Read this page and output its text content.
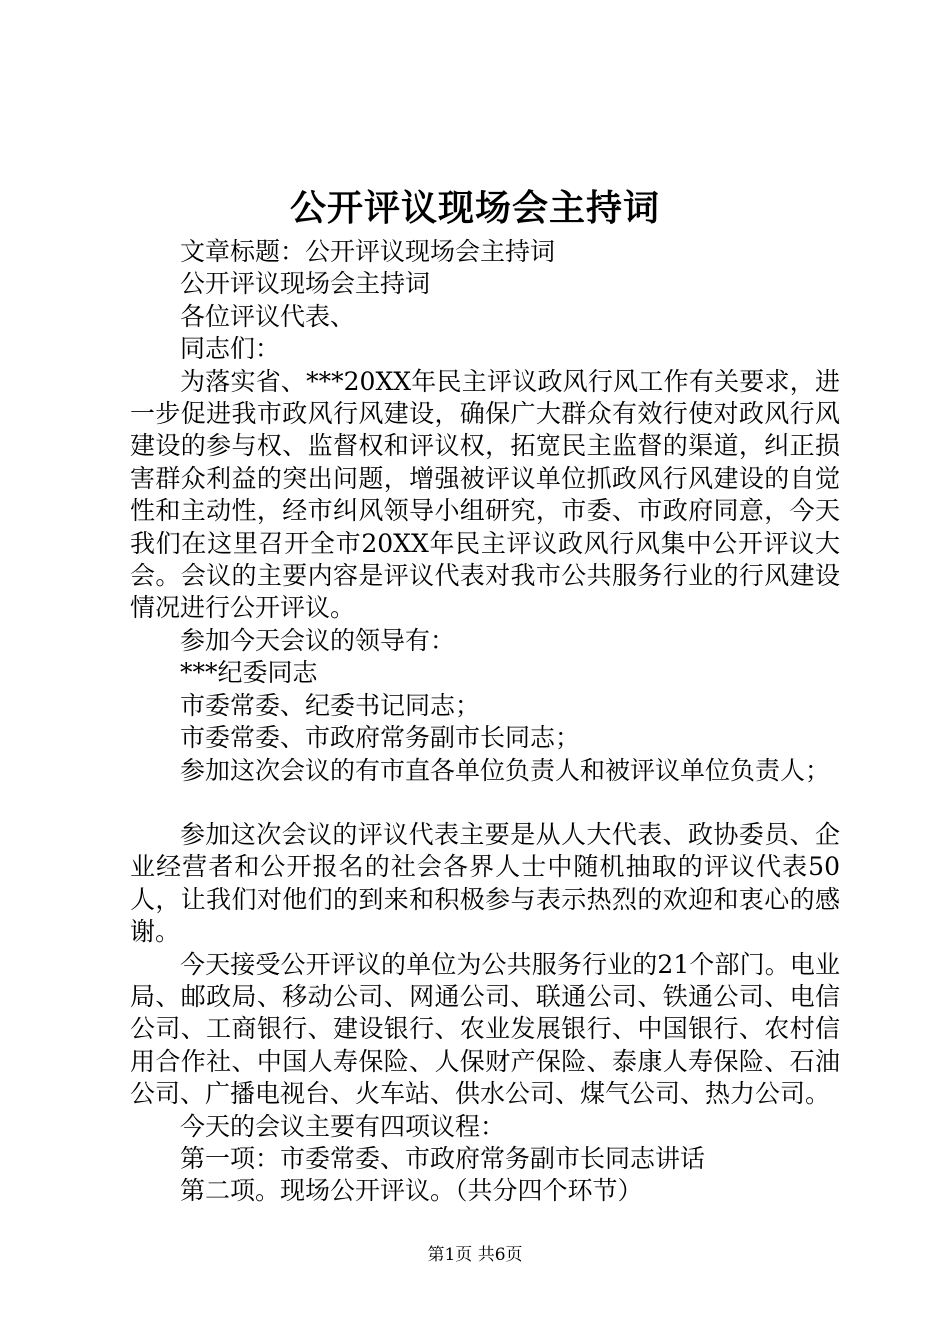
公开评议现场会主持词

文章标题：公开评议现场会主持词

公开评议现场会主持词

各位评议代表、

同志们：

为落实省、***20XX年民主评议政风行风工作有关要求，进一步促进我市政风行风建设，确保广大群众有效行使对政风行风建设的参与权、监督权和评议权，拓宽民主监督的渠道，纠正损害群众利益的突出问题，增强被评议单位抓政风行风建设的自觉性和主动性，经市纠风领导小组研究，市委、市政府同意，今天我们在这里召开全市20XX年民主评议政风行风集中公开评议大会。会议的主要内容是评议代表对我市公共服务行业的行风建设情况进行公开评议。

参加今天会议的领导有：

***纪委同志

市委常委、纪委书记同志；

市委常委、市政府常务副市长同志；

参加这次会议的有市直各单位负责人和被评议单位负责人；

参加这次会议的评议代表主要是从人大代表、政协委员、企业经营者和公开报名的社会各界人士中随机抽取的评议代表50人，让我们对他们的到来和积极参与表示热烈的欢迎和衷心的感谢。

今天接受公开评议的单位为公共服务行业的21个部门。电业局、邮政局、移动公司、网通公司、联通公司、铁通公司、电信公司、工商银行、建设银行、农业发展银行、中国银行、农村信用合作社、中国人寿保险、人保财产保险、泰康人寿保险、石油公司、广播电视台、火车站、供水公司、煤气公司、热力公司。

今天的会议主要有四项议程：

第一项：市委常委、市政府常务副市长同志讲话

第二项。现场公开评议。（共分四个环节）

第1页 共6页
